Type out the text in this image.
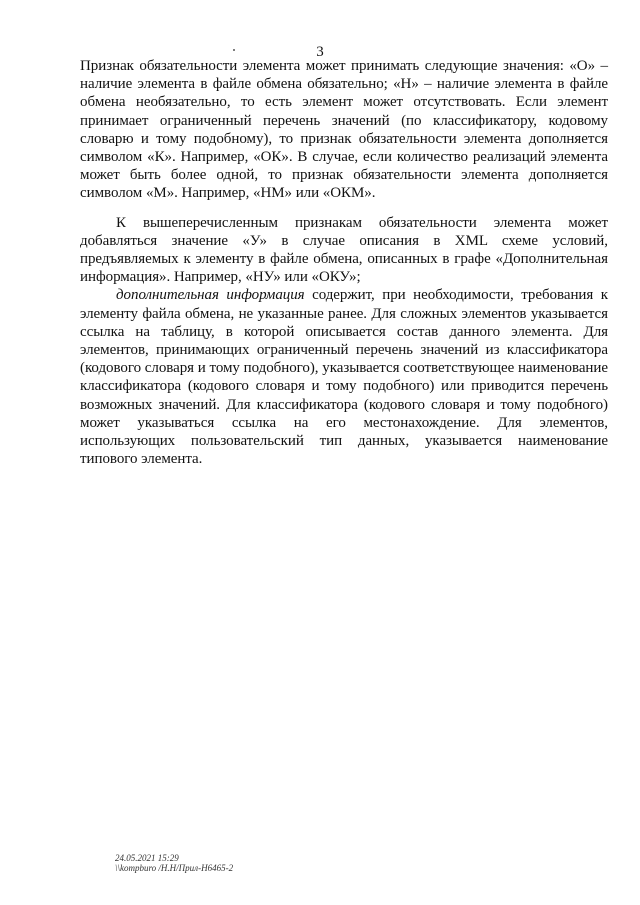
3

Признак обязательности элемента может принимать следующие значения: «О» – наличие элемента в файле обмена обязательно; «Н» – наличие элемента в файле обмена необязательно, то есть элемент может отсутствовать. Если элемент принимает ограниченный перечень значений (по классификатору, кодовому словарю и тому подобному), то признак обязательности элемента дополняется символом «К». Например, «ОК». В случае, если количество реализаций элемента может быть более одной, то признак обязательности элемента дополняется символом «М». Например, «НМ» или «ОКМ».

К вышеперечисленным признакам обязательности элемента может добавляться значение «У» в случае описания в XML схеме условий, предъявляемых к элементу в файле обмена, описанных в графе «Дополнительная информация». Например, «НУ» или «ОКУ»;

дополнительная информация содержит, при необходимости, требования к элементу файла обмена, не указанные ранее. Для сложных элементов указывается ссылка на таблицу, в которой описывается состав данного элемента. Для элементов, принимающих ограниченный перечень значений из классификатора (кодового словаря и тому подобного), указывается соответствующее наименование классификатора (кодового словаря и тому подобного) или приводится перечень возможных значений. Для классификатора (кодового словаря и тому подобного) может указываться ссылка на его местонахождение. Для элементов, использующих пользовательский тип данных, указывается наименование типового элемента.

24.05.2021 15:29
\\kompburo /Н.Н/Прил-Н6465-2
